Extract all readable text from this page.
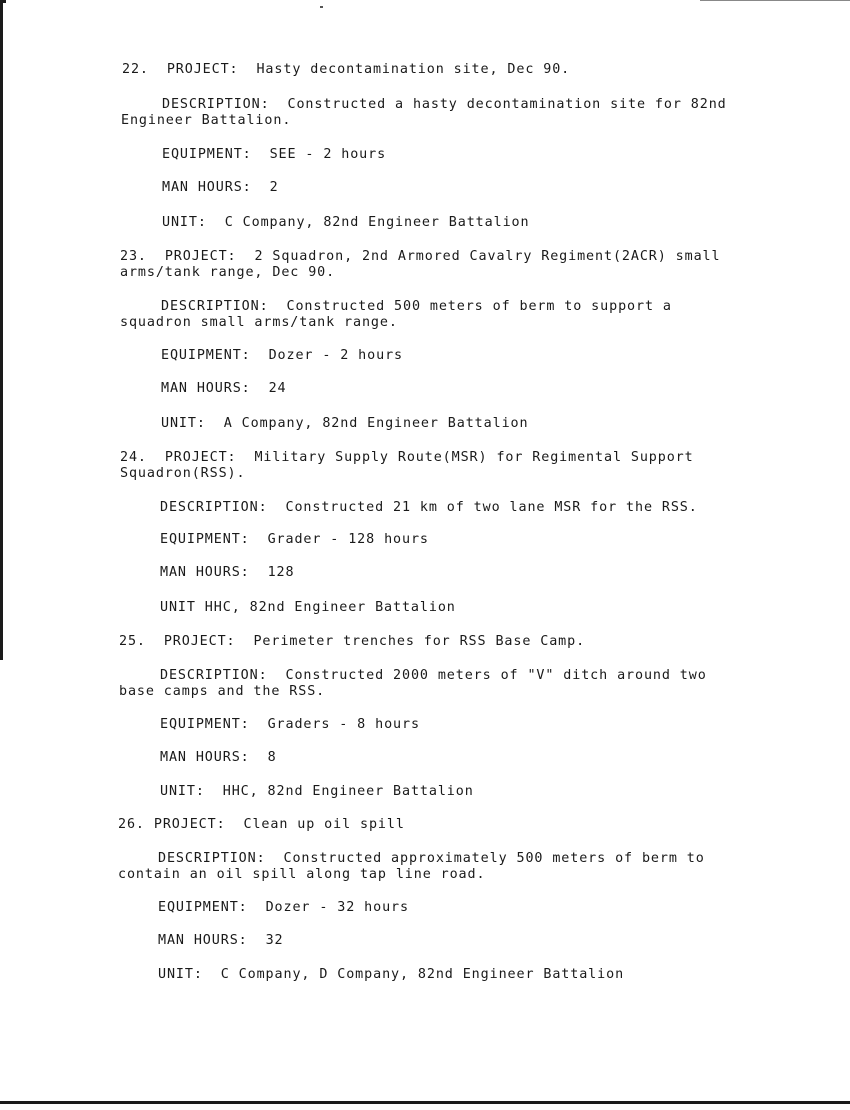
22. PROJECT: Hasty decontamination site, Dec 90.
DESCRIPTION: Constructed a hasty decontamination site for 82nd
Engineer Battalion.
EQUIPMENT: SEE - 2 hours
MAN HOURS: 2
UNIT: C Company, 82nd Engineer Battalion
23. PROJECT: 2 Squadron, 2nd Armored Cavalry Regiment(2ACR) small
arms/tank range, Dec 90.
DESCRIPTION: Constructed 500 meters of berm to support a
squadron small arms/tank range.
EQUIPMENT: Dozer - 2 hours
MAN HOURS: 24
UNIT: A Company, 82nd Engineer Battalion
24. PROJECT: Military Supply Route(MSR) for Regimental Support
Squadron(RSS).
DESCRIPTION: Constructed 21 km of two lane MSR for the RSS.
EQUIPMENT: Grader - 128 hours
MAN HOURS: 128
UNIT HHC, 82nd Engineer Battalion
25. PROJECT: Perimeter trenches for RSS Base Camp.
DESCRIPTION: Constructed 2000 meters of "V" ditch around two
base camps and the RSS.
EQUIPMENT: Graders - 8 hours
MAN HOURS: 8
UNIT: HHC, 82nd Engineer Battalion
26. PROJECT: Clean up oil spill
DESCRIPTION: Constructed approximately 500 meters of berm to
contain an oil spill along tap line road.
EQUIPMENT: Dozer - 32 hours
MAN HOURS: 32
UNIT: C Company, D Company, 82nd Engineer Battalion
